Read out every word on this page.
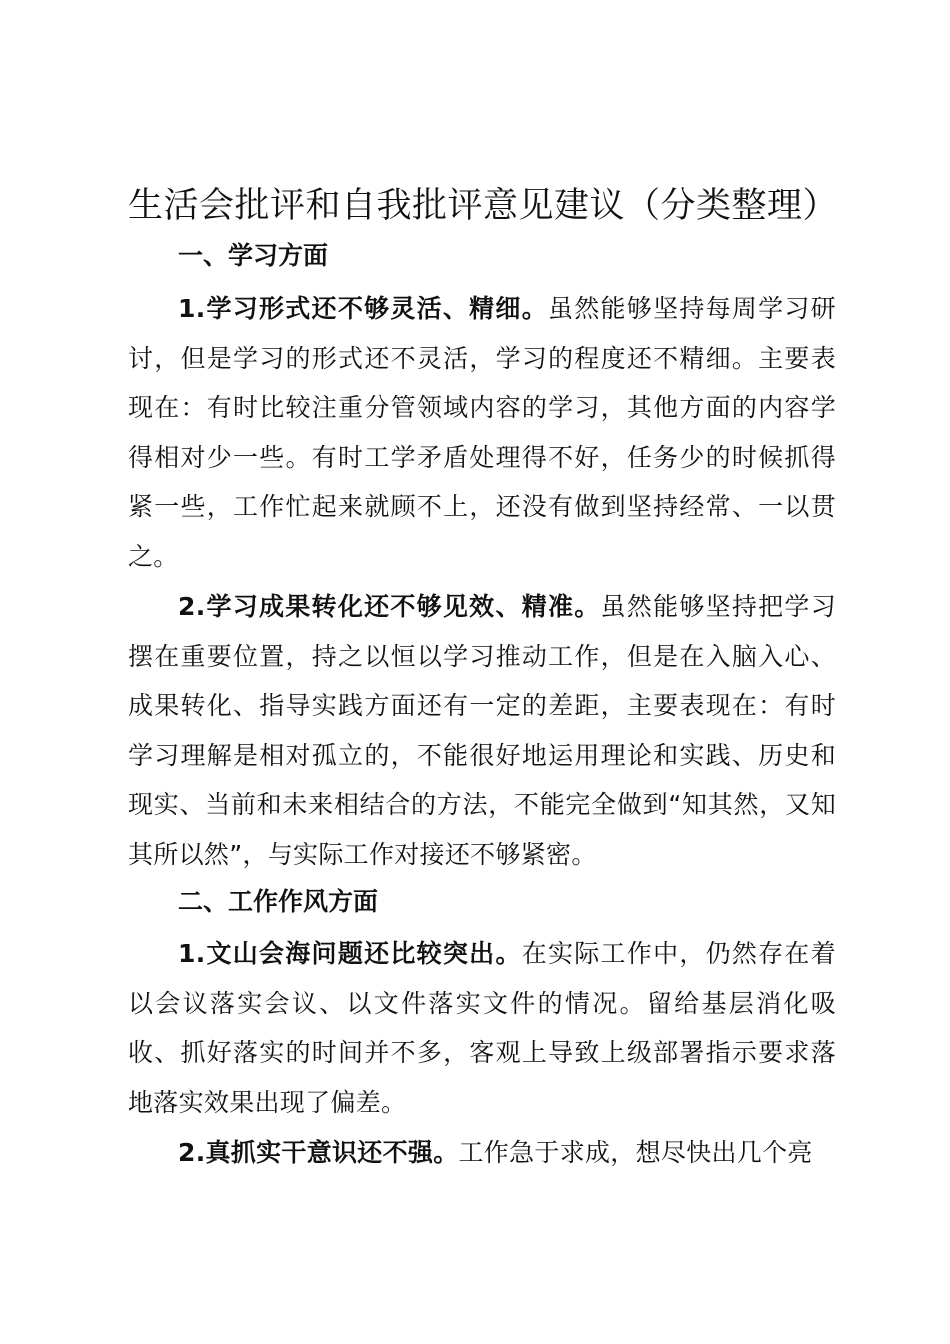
生活会批评和自我批评意见建议（分类整理）
一、学习方面

1.学习形式还不够灵活、精细。虽然能够坚持每周学习研讨，但是学习的形式还不灵活，学习的程度还不精细。主要表现在：有时比较注重分管领域内容的学习，其他方面的内容学得相对少一些。有时工学矛盾处理得不好，任务少的时候抓得紧一些，工作忙起来就顾不上，还没有做到坚持经常、一以贯之。

2.学习成果转化还不够见效、精准。虽然能够坚持把学习摆在重要位置，持之以恒以学习推动工作，但是在入脑入心、成果转化、指导实践方面还有一定的差距，主要表现在：有时学习理解是相对孤立的，不能很好地运用理论和实践、历史和现实、当前和未来相结合的方法，不能完全做到“知其然，又知其所以然”，与实际工作对接还不够紧密。

二、工作作风方面

1.文山会海问题还比较突出。在实际工作中，仍然存在着以会议落实会议、以文件落实文件的情况。留给基层消化吸收、抓好落实的时间并不多，客观上导致上级部署指示要求落地落实效果出现了偏差。

2.真抓实干意识还不强。工作急于求成，想尽快出几个亮
